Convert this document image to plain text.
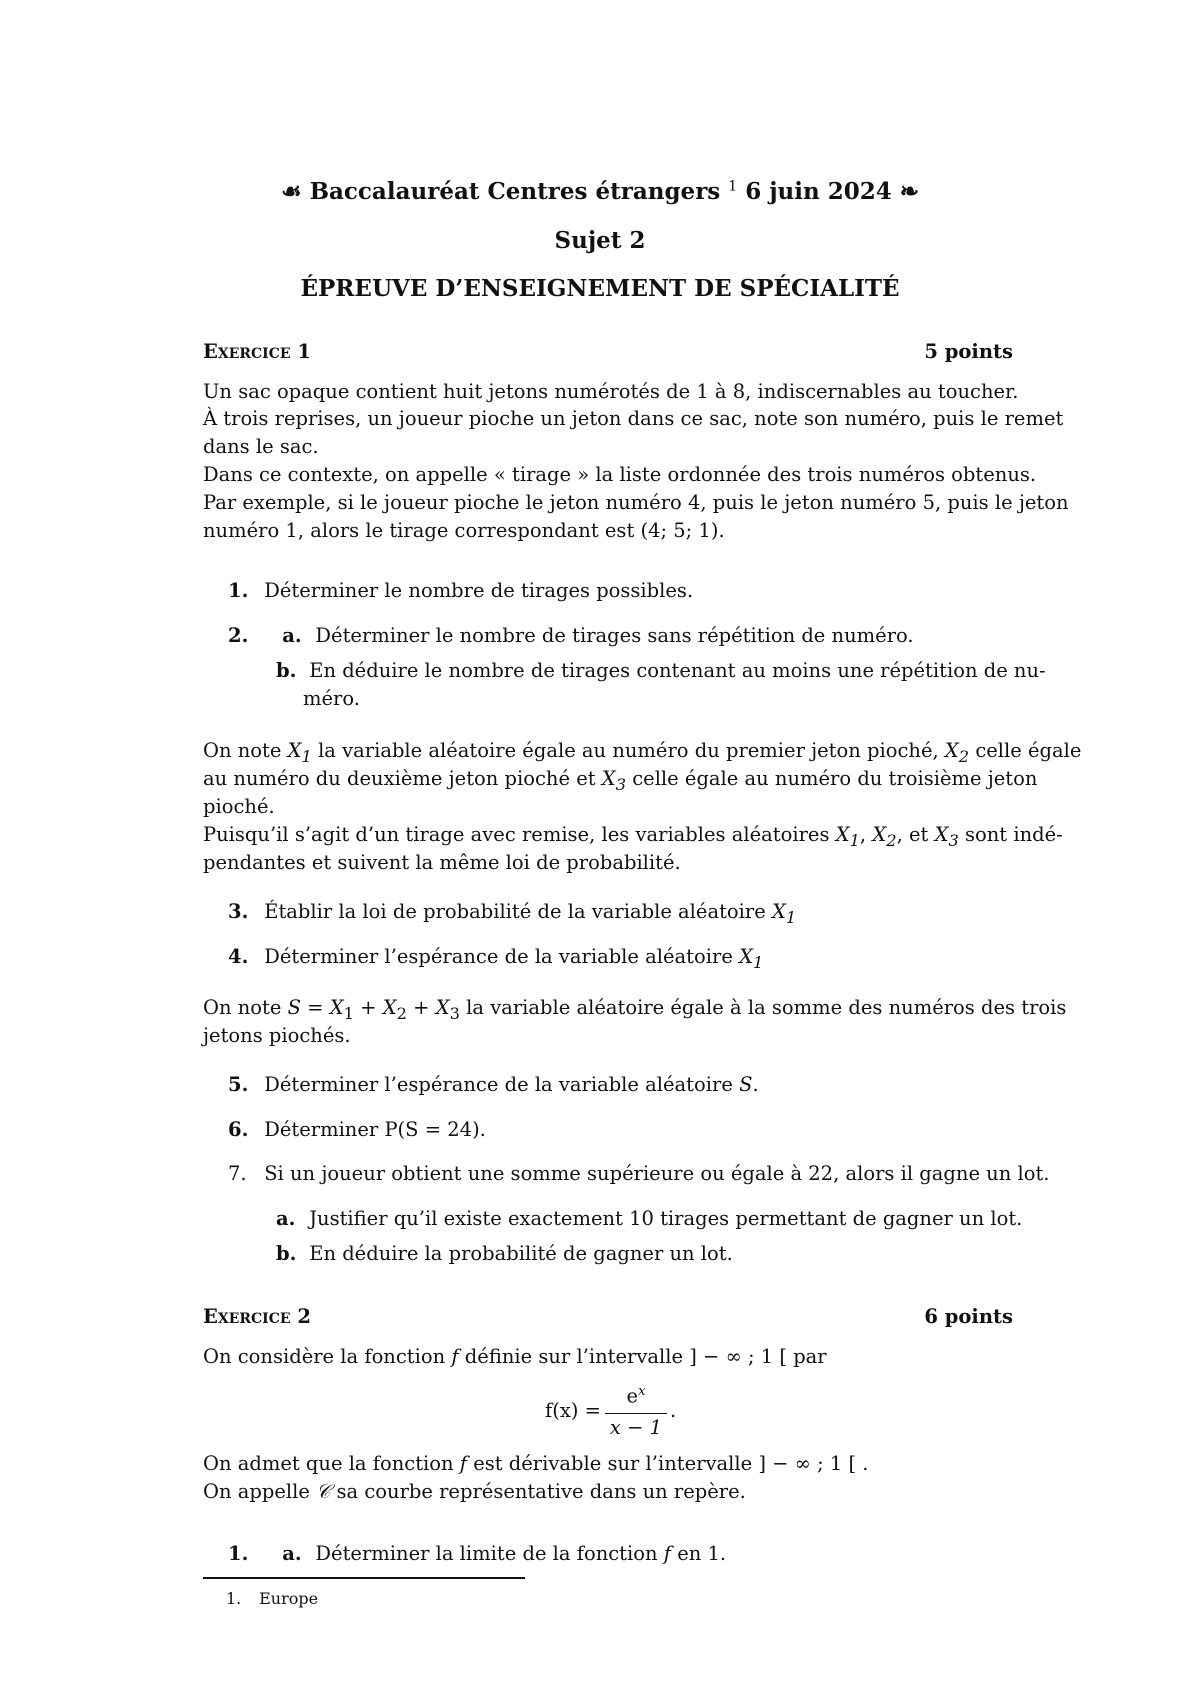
☙ Baccalauréat Centres étrangers $^1$ 6 juin 2024 ❧
Sujet 2
ÉPREUVE D’ENSEIGNEMENT DE SPÉCIALITÉ
Exercice 1	5 points
Un sac opaque contient huit jetons numérotés de 1 à 8, indiscernables au toucher.
À trois reprises, un joueur pioche un jeton dans ce sac, note son numéro, puis le remet
dans le sac.
Dans ce contexte, on appelle « tirage » la liste ordonnée des trois numéros obtenus.
Par exemple, si le joueur pioche le jeton numéro 4, puis le jeton numéro 5, puis le jeton
numéro 1, alors le tirage correspondant est (4; 5; 1).
1. Déterminer le nombre de tirages possibles.
2. a. Déterminer le nombre de tirages sans répétition de numéro.
b. En déduire le nombre de tirages contenant au moins une répétition de nu-
méro.
On note $X_1$ la variable aléatoire égale au numéro du premier jeton pioché, $X_2$ celle égale
au numéro du deuxième jeton pioché et $X_3$ celle égale au numéro du troisième jeton
pioché.
Puisqu’il s’agit d’un tirage avec remise, les variables aléatoires $X_1$, $X_2$, et $X_3$ sont indé-
pendantes et suivent la même loi de probabilité.
3. Établir la loi de probabilité de la variable aléatoire $X_1$
4. Déterminer l’espérance de la variable aléatoire $X_1$
On note $S = X_1 + X_2 + X_3$ la variable aléatoire égale à la somme des numéros des trois
jetons piochés.
5. Déterminer l’espérance de la variable aléatoire S.
6. Déterminer P(S = 24).
7. Si un joueur obtient une somme supérieure ou égale à 22, alors il gagne un lot.
a. Justifier qu’il existe exactement 10 tirages permettant de gagner un lot.
b. En déduire la probabilité de gagner un lot.
Exercice 2	6 points
On considère la fonction f définie sur l’intervalle ] − ∞ ; 1 [ par
f(x) =
$e^x$
x − 1
.
On admet que la fonction f est dérivable sur l’intervalle ] − ∞ ; 1 [ .
On appelle 𝒞 sa courbe représentative dans un repère.
1. a. Déterminer la limite de la fonction f en 1.
1. Europe
